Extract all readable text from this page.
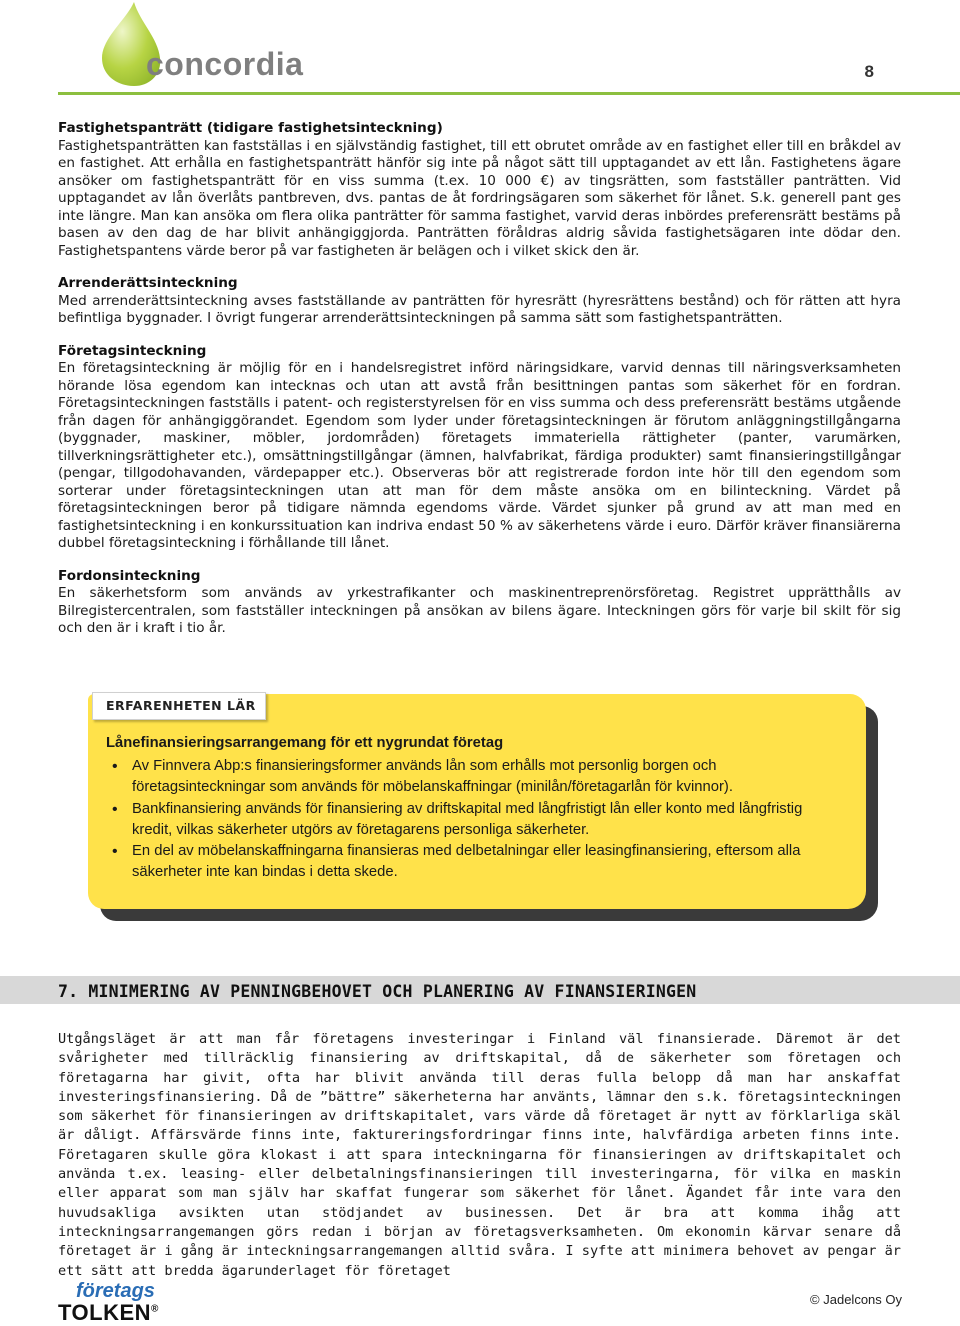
concordia	8
Fastighetspanträtt (tidigare fastighetsinteckning)

Fastighetspanträtten kan fastställas i en självständig fastighet, till ett obrutet område av en fastighet eller till en bråkdel av en fastighet. Att erhålla en fastighetspanträtt hänför sig inte på något sätt till upptagandet av ett lån. Fastighetens ägare ansöker om fastighetspanträtt för en viss summa (t.ex. 10 000 €) av tingsrätten, som fastställer panträtten. Vid upptagandet av lån överlåts pantbreven, dvs. pantas de åt fordringsägaren som säkerhet för lånet. S.k. generell pant ges inte längre. Man kan ansöka om flera olika panträtter för samma fastighet, varvid deras inbördes preferensrätt bestäms på basen av den dag de har blivit anhängiggjorda. Panträtten föråldras aldrig såvida fastighetsägaren inte dödar den. Fastighetspantens värde beror på var fastigheten är belägen och i vilket skick den är.

Arrenderättsinteckning

Med arrenderättsinteckning avses fastställande av panträtten för hyresrätt (hyresrättens bestånd) och för rätten att hyra befintliga byggnader. I övrigt fungerar arrenderättsinteckningen på samma sätt som fastighetspanträtten.

Företagsinteckning

En företagsinteckning är möjlig för en i handelsregistret införd näringsidkare, varvid dennas till näringsverksamheten hörande lösa egendom kan intecknas och utan att avstå från besittningen pantas som säkerhet för en fordran. Företagsinteckningen fastställs i patent- och registerstyrelsen för en viss summa och dess preferensrätt bestäms utgående från dagen för anhängiggörandet. Egendom som lyder under företagsinteckningen är förutom anläggningstillgångarna (byggnader, maskiner, möbler, jordområden) företagets immateriella rättigheter (panter, varumärken, tillverkningsrättigheter etc.), omsättningstillgångar (ämnen, halvfabrikat, färdiga produkter) samt finansieringstillgångar (pengar, tillgodohavanden, värdepapper etc.). Observeras bör att registrerade fordon inte hör till den egendom som sorterar under företagsinteckningen utan att man för dem måste ansöka om en bilinteckning. Värdet på företagsinteckningen beror på tidigare nämnda egendoms värde. Värdet sjunker på grund av att man med en fastighetsinteckning i en konkurssituation kan indriva endast 50 % av säkerhetens värde i euro. Därför kräver finansiärerna dubbel företagsinteckning i förhållande till lånet.

Fordonsinteckning

En säkerhetsform som används av yrkestrafikanter och maskinentreprenörsföretag. Registret upprätthålls av Bilregistercentralen, som fastställer inteckningen på ansökan av bilens ägare. Inteckningen görs för varje bil skilt för sig och den är i kraft i tio år.

ERFARENHETEN LÄR
Lånefinansieringsarrangemang för ett nygrundat företag
• Av Finnvera Abp:s finansieringsformer används lån som erhålls mot personlig borgen och företagsinteckningar som används för möbelanskaffningar (minilån/företagarlån för kvinnor).
• Bankfinansiering används för finansiering av driftskapital med långfristigt lån eller konto med långfristig kredit, vilkas säkerheter utgörs av företagarens personliga säkerheter.
• En del av möbelanskaffningarna finansieras med delbetalningar eller leasingfinansiering, eftersom alla säkerheter inte kan bindas i detta skede.
7. MINIMERING AV PENNINGBEHOVET OCH PLANERING AV FINANSIERINGEN

Utgångsläget är att man får företagens investeringar i Finland väl finansierade. Däremot är det svårigheter med tillräcklig finansiering av driftskapital, då de säkerheter som företagen och företagarna har givit, ofta har blivit använda till deras fulla belopp då man har anskaffat investeringsfinansiering. Då de ”bättre” säkerheterna har använts, lämnar den s.k. företagsinteckningen som säkerhet för finansieringen av driftskapitalet, vars värde då företaget är nytt av förklarliga skäl är dåligt. Affärsvärde finns inte, faktureringsfordringar finns inte, halvfärdiga arbeten finns inte. Företagaren skulle göra klokast i att spara inteckningarna för finansieringen av driftskapitalet och använda t.ex. leasing- eller delbetalningsfinansieringen till investeringarna, för vilka en maskin eller apparat som man själv har skaffat fungerar som säkerhet för lånet. Ägandet får inte vara den huvudsakliga avsikten utan stödjandet av businessen. Det är bra att komma ihåg att inteckningsarrangemangen görs redan i början av företagsverksamheten. Om ekonomin kärvar senare då företaget är i gång är inteckningsarrangemangen alltid svåra. I syfte att minimera behovet av pengar är ett sätt att bredda ägarunderlaget för företaget

företags
TOLKEN®
© Jadelcons Oy
